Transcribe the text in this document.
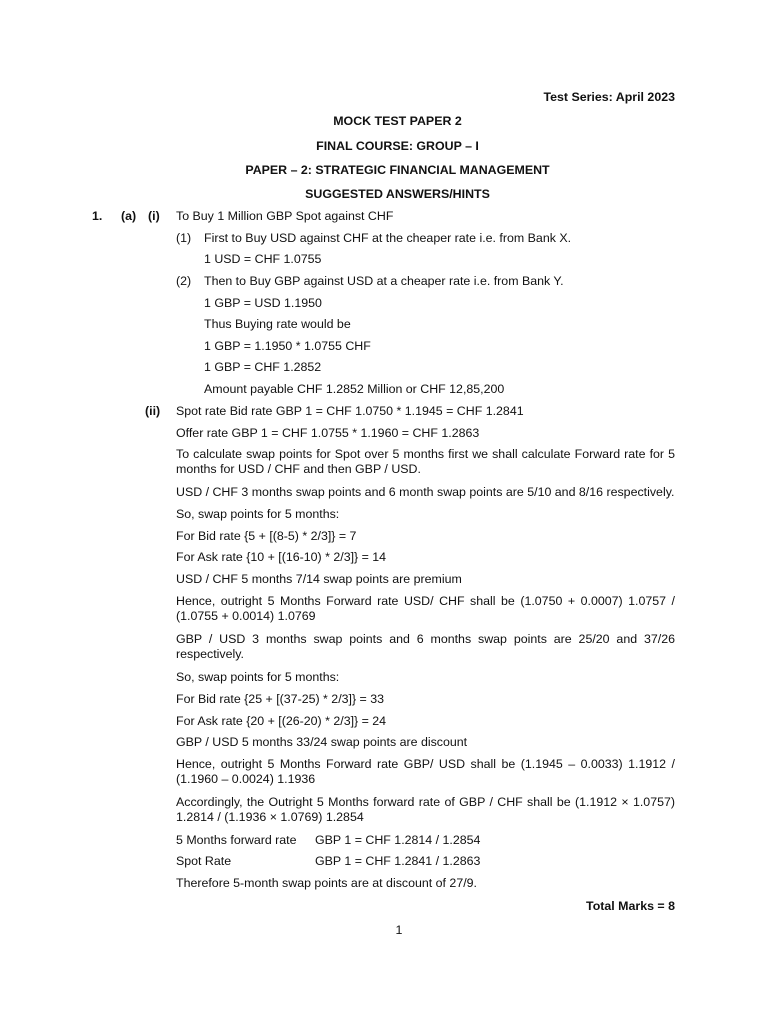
Test Series: April 2023
MOCK TEST PAPER 2
FINAL COURSE: GROUP – I
PAPER – 2: STRATEGIC FINANCIAL MANAGEMENT
SUGGESTED ANSWERS/HINTS
1. (a) (i) To Buy 1 Million GBP Spot against CHF
(1) First to Buy USD against CHF at the cheaper rate i.e. from Bank X.
1 USD = CHF 1.0755
(2) Then to Buy GBP against USD at a cheaper rate i.e. from Bank Y.
1 GBP = USD 1.1950
Thus Buying rate would be
1 GBP = 1.1950 * 1.0755 CHF
1 GBP = CHF 1.2852
Amount payable CHF 1.2852 Million or CHF 12,85,200
(ii) Spot rate Bid rate GBP 1 = CHF 1.0750 * 1.1945 = CHF 1.2841
Offer rate GBP 1 = CHF 1.0755 * 1.1960 = CHF 1.2863
To calculate swap points for Spot over 5 months first we shall calculate Forward rate for 5 months for USD / CHF and then GBP / USD.
USD / CHF 3 months swap points and 6 month swap points are 5/10 and 8/16 respectively.
So, swap points for 5 months:
For Bid rate {5 + [(8-5) * 2/3]} = 7
For Ask rate {10 + [(16-10) * 2/3]} = 14
USD / CHF 5 months 7/14 swap points are premium
Hence, outright 5 Months Forward rate USD/ CHF shall be (1.0750 + 0.0007) 1.0757 / (1.0755 + 0.0014) 1.0769
GBP / USD 3 months swap points and 6 months swap points are 25/20 and 37/26 respectively.
So, swap points for 5 months:
For Bid rate {25 + [(37-25) * 2/3]} = 33
For Ask rate {20 + [(26-20) * 2/3]} = 24
GBP / USD 5 months 33/24 swap points are discount
Hence, outright 5 Months Forward rate GBP/ USD shall be (1.1945 – 0.0033) 1.1912 / (1.1960 – 0.0024) 1.1936
Accordingly, the Outright 5 Months forward rate of GBP / CHF shall be (1.1912 × 1.0757) 1.2814 / (1.1936 × 1.0769) 1.2854
5 Months forward rate GBP 1 = CHF 1.2814 / 1.2854
Spot Rate	GBP 1 = CHF 1.2841 / 1.2863
Therefore 5-month swap points are at discount of 27/9.
Total Marks = 8
1
